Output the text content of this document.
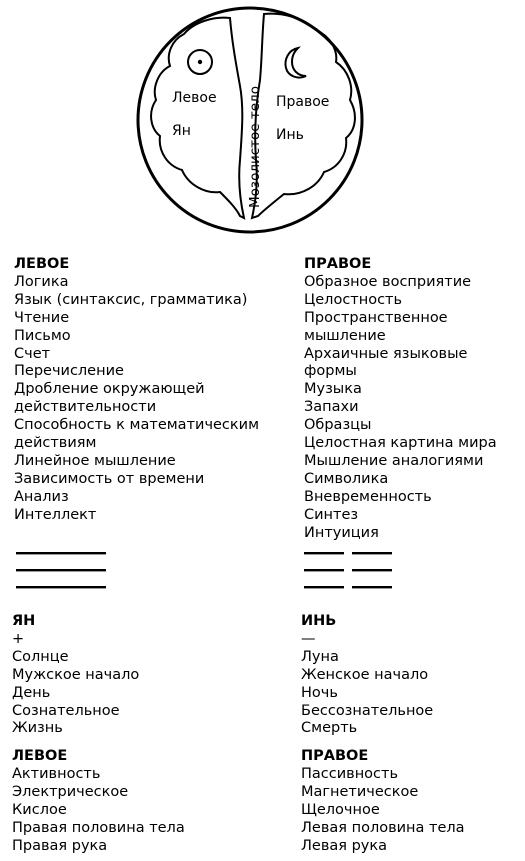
Левое
Ян
Правое
Инь
Мозолистое тело
ЛЕВОЕ
Логика
Язык (синтаксис, грамматика)
Чтение
Письмо
Счет
Перечисление
Дробление окружающей
действительности
Способность к математическим
действиям
Линейное мышление
Зависимость от времени
Анализ
Интеллект
ПРАВОЕ
Образное восприятие
Целостность
Пространственное
мышление
Архаичные языковые
формы
Музыка
Запахи
Образцы
Целостная картина мира
Мышление аналогиями
Символика
Вневременность
Синтез
Интуиция
ЯН
+
Солнце
Мужское начало
День
Сознательное
Жизнь
ЛЕВОЕ
Активность
Электрическое
Кислое
Правая половина тела
Правая рука
ИНЬ
—
Луна
Женское начало
Ночь
Бессознательное
Смерть
ПРАВОЕ
Пассивность
Магнетическое
Щелочное
Левая половина тела
Левая рука
